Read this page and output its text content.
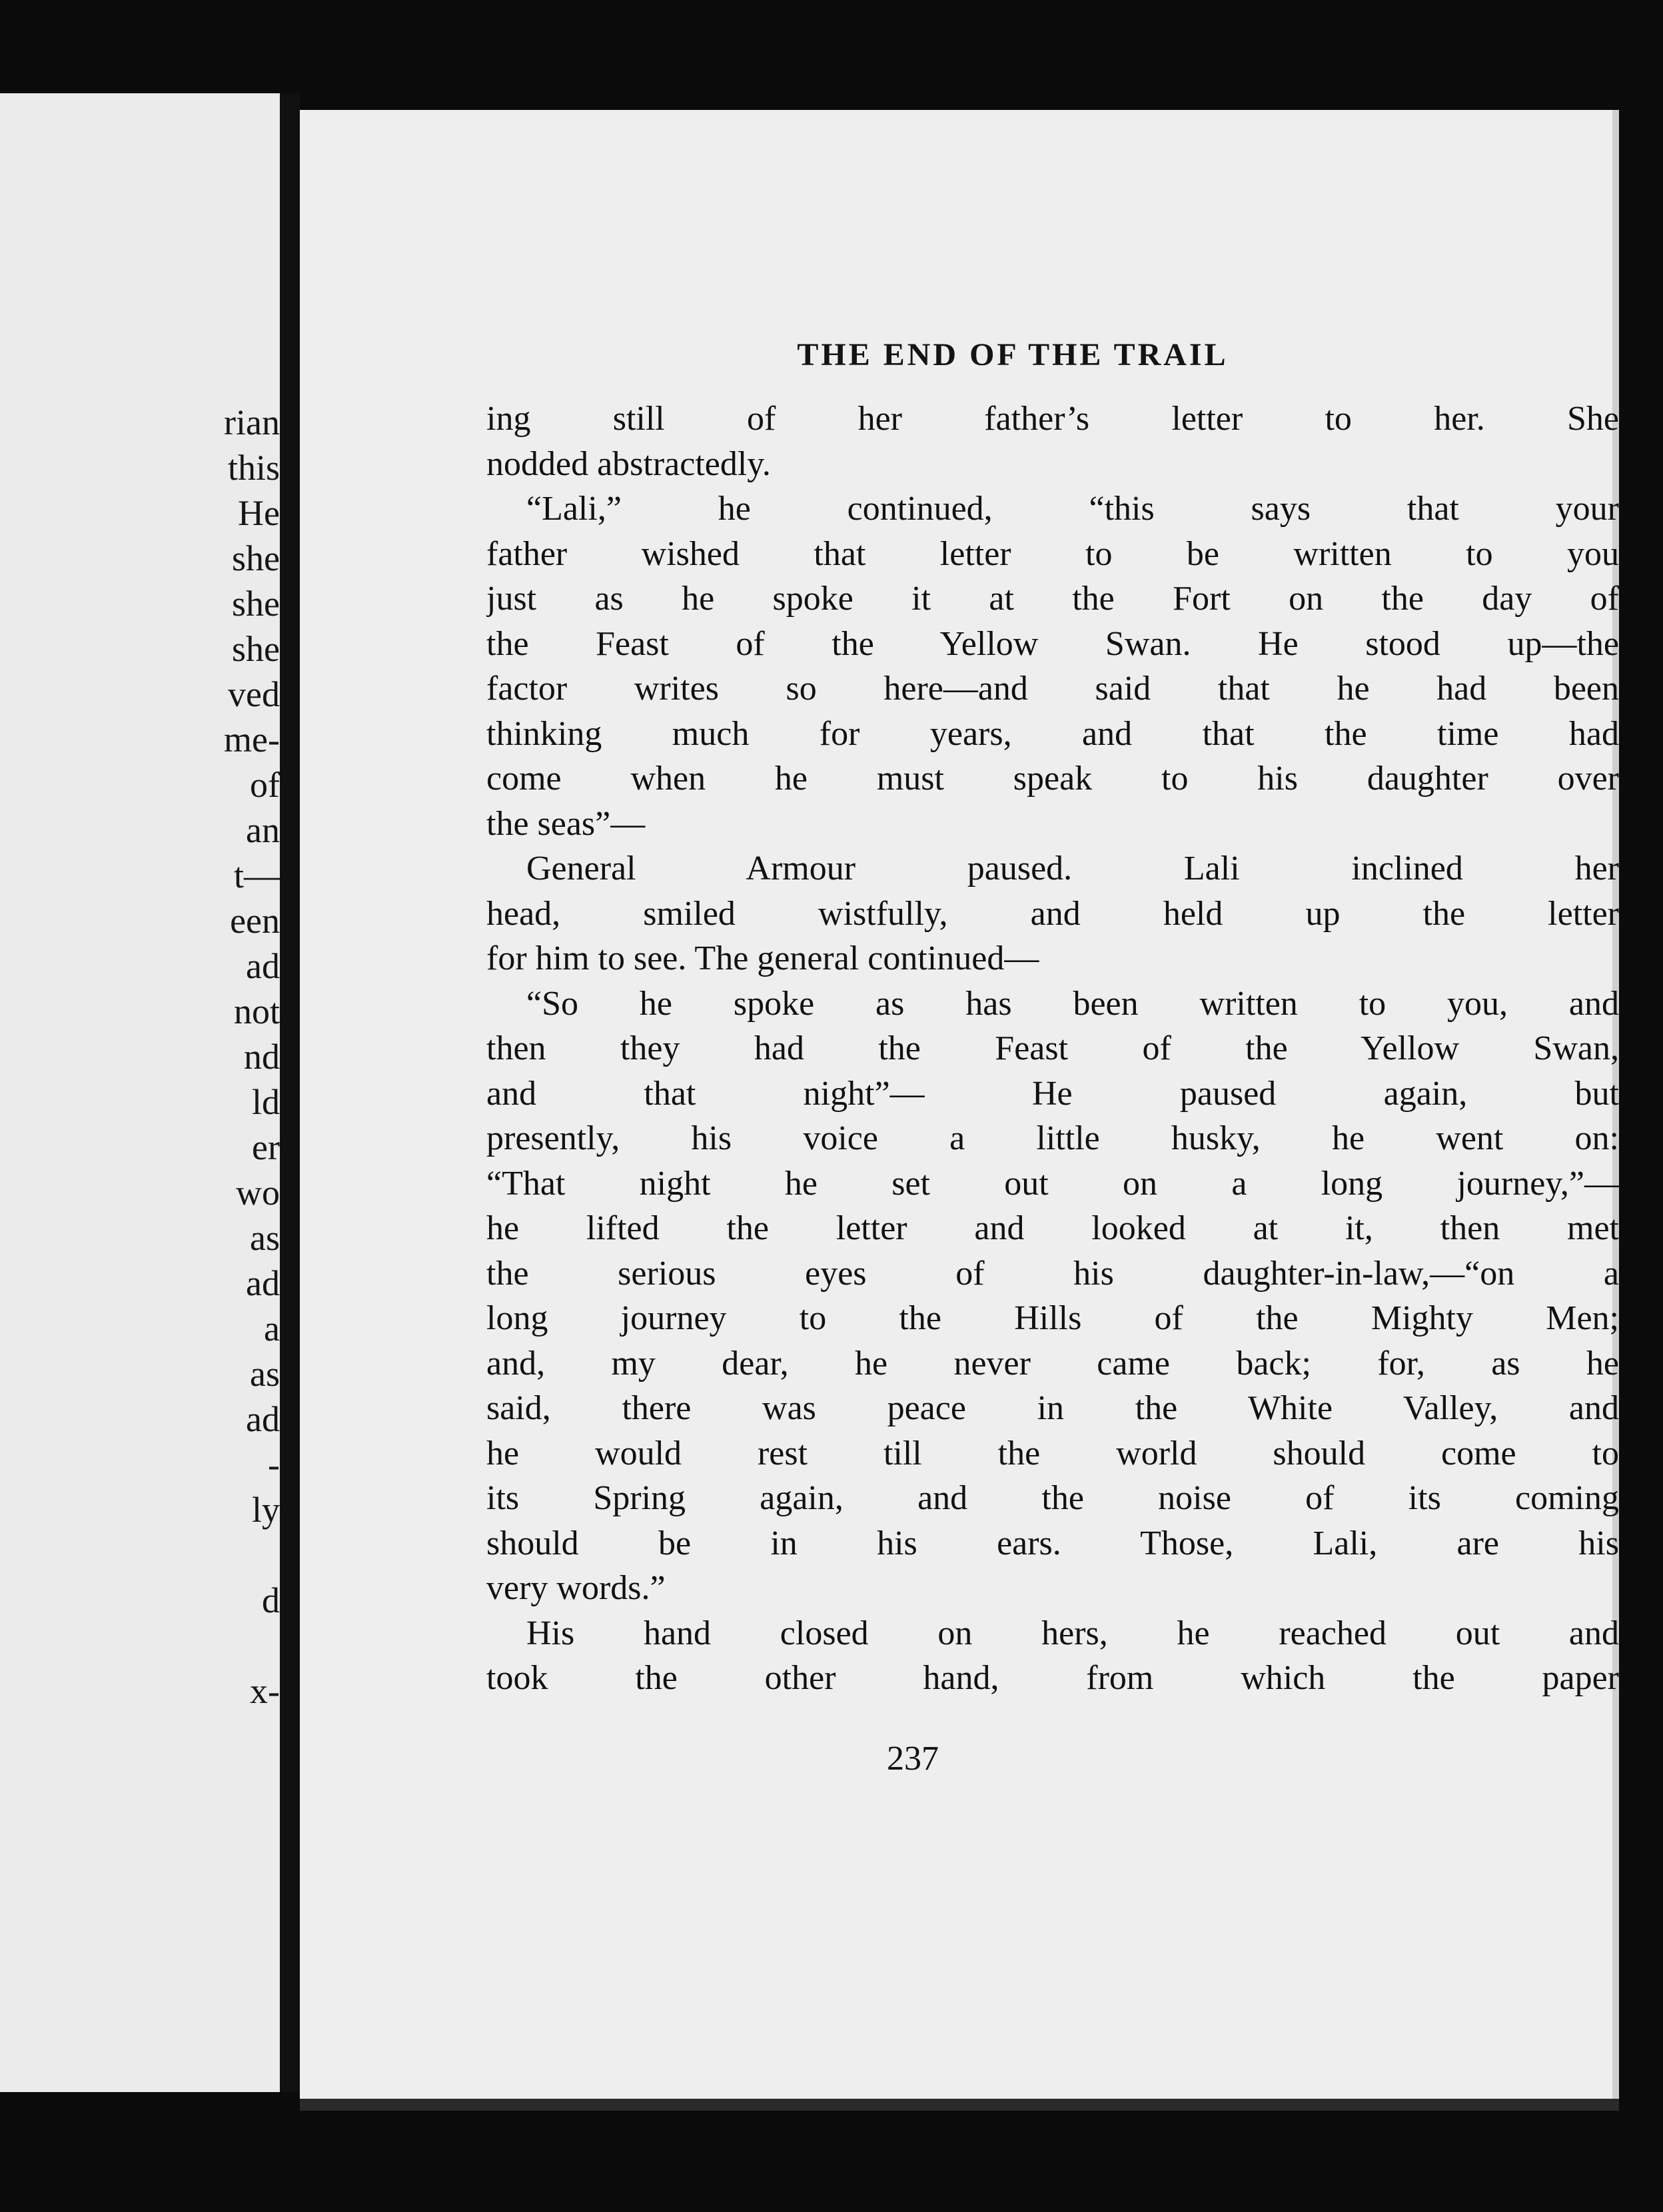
rian
this
He
she
she
she
ved
me-
of
an
t—
een
ad
not
nd
ld
er
wo
as
ad
a
as
ad
-
ly
d
x-
THE END OF THE TRAIL
ing still of her father’s letter to her. She
nodded abstractedly.
“Lali,” he continued, “this says that your
father wished that letter to be written to you
just as he spoke it at the Fort on the day of
the Feast of the Yellow Swan. He stood up—the
factor writes so here—and said that he had been
thinking much for years, and that the time had
come when he must speak to his daughter over
the seas”—
General Armour paused. Lali inclined her
head, smiled wistfully, and held up the letter
for him to see. The general continued—
“So he spoke as has been written to you, and
then they had the Feast of the Yellow Swan,
and that night”— He paused again, but
presently, his voice a little husky, he went on:
“That night he set out on a long journey,”—
he lifted the letter and looked at it, then met
the serious eyes of his daughter-in-law,—“on a
long journey to the Hills of the Mighty Men;
and, my dear, he never came back; for, as he
said, there was peace in the White Valley, and
he would rest till the world should come to
its Spring again, and the noise of its coming
should be in his ears. Those, Lali, are his
very words.”
His hand closed on hers, he reached out and
took the other hand, from which the paper
237
